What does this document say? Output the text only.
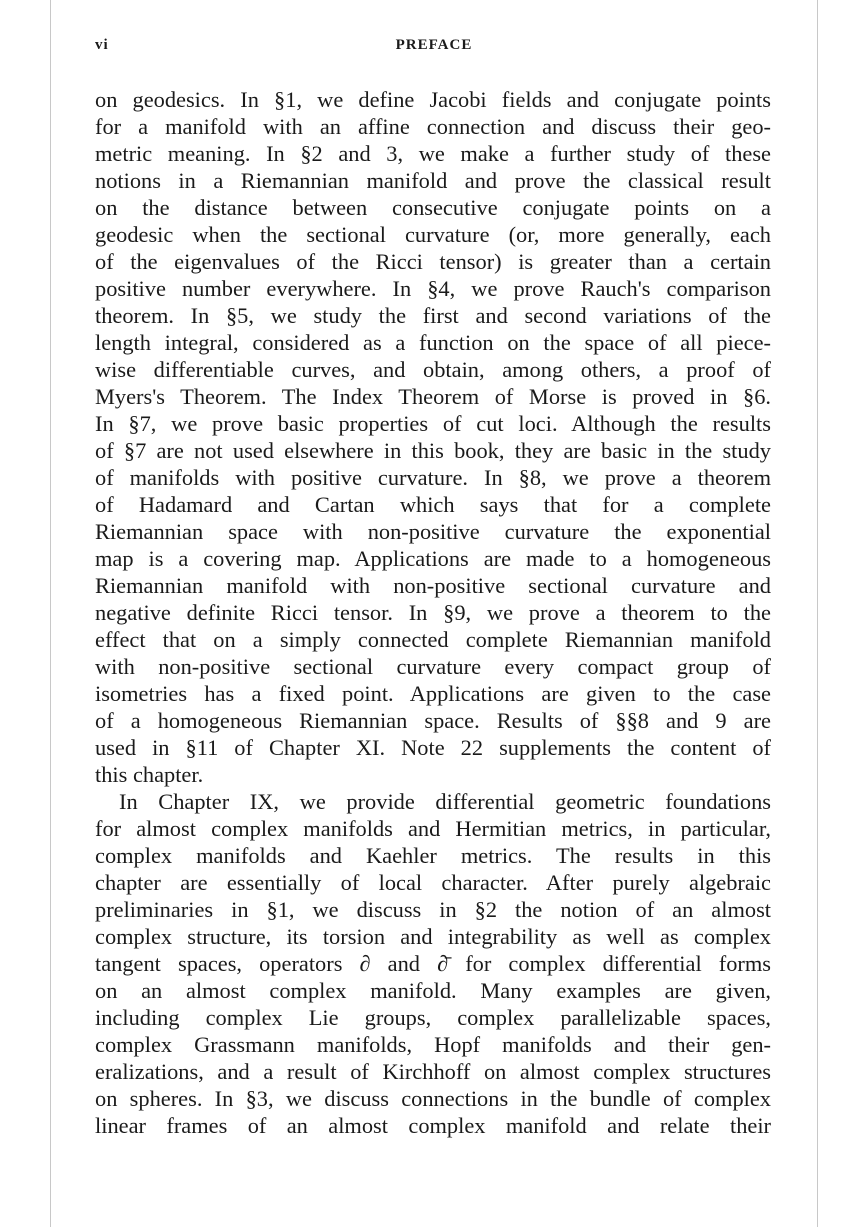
vi	PREFACE
on geodesics. In §1, we define Jacobi fields and conjugate points
for a manifold with an affine connection and discuss their geo-
metric meaning. In §2 and 3, we make a further study of these
notions in a Riemannian manifold and prove the classical result
on the distance between consecutive conjugate points on a
geodesic when the sectional curvature (or, more generally, each
of the eigenvalues of the Ricci tensor) is greater than a certain
positive number everywhere. In §4, we prove Rauch's comparison
theorem. In §5, we study the first and second variations of the
length integral, considered as a function on the space of all piece-
wise differentiable curves, and obtain, among others, a proof of
Myers's Theorem. The Index Theorem of Morse is proved in §6.
In §7, we prove basic properties of cut loci. Although the results
of §7 are not used elsewhere in this book, they are basic in the study
of manifolds with positive curvature. In §8, we prove a theorem
of Hadamard and Cartan which says that for a complete
Riemannian space with non-positive curvature the exponential
map is a covering map. Applications are made to a homogeneous
Riemannian manifold with non-positive sectional curvature and
negative definite Ricci tensor. In §9, we prove a theorem to the
effect that on a simply connected complete Riemannian manifold
with non-positive sectional curvature every compact group of
isometries has a fixed point. Applications are given to the case
of a homogeneous Riemannian space. Results of §§8 and 9 are
used in §11 of Chapter XI. Note 22 supplements the content of
this chapter.
In Chapter IX, we provide differential geometric foundations
for almost complex manifolds and Hermitian metrics, in particular,
complex manifolds and Kaehler metrics. The results in this
chapter are essentially of local character. After purely algebraic
preliminaries in §1, we discuss in §2 the notion of an almost
complex structure, its torsion and integrability as well as complex
tangent spaces, operators ∂ and ∂̄ for complex differential forms
on an almost complex manifold. Many examples are given,
including complex Lie groups, complex parallelizable spaces,
complex Grassmann manifolds, Hopf manifolds and their gen-
eralizations, and a result of Kirchhoff on almost complex structures
on spheres. In §3, we discuss connections in the bundle of complex
linear frames of an almost complex manifold and relate their
